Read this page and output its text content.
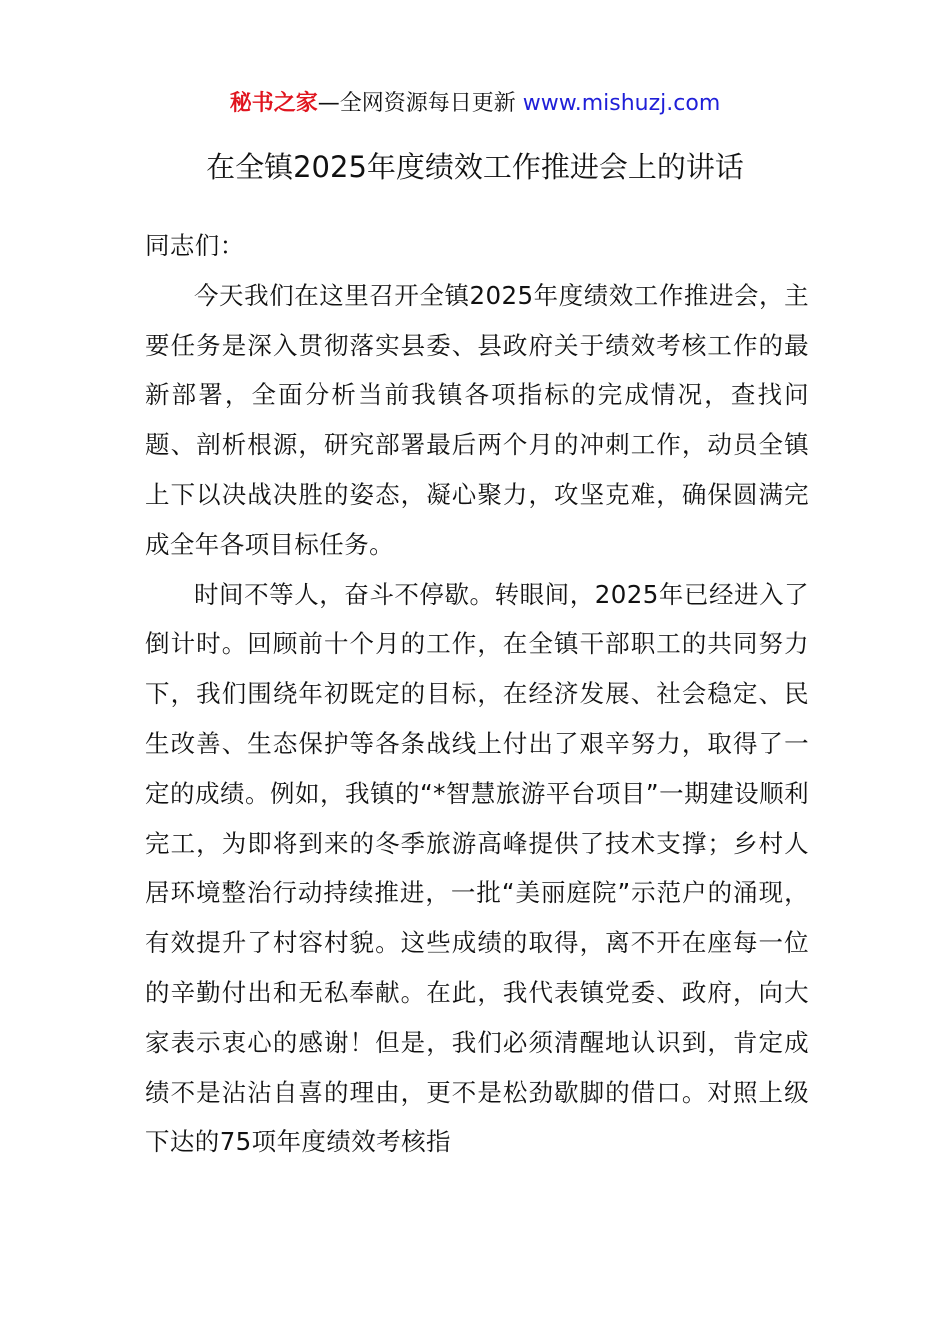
秘书之家—全网资源每日更新 www.mishuzj.com
在全镇2025年度绩效工作推进会上的讲话

同志们：

今天我们在这里召开全镇2025年度绩效工作推进会，主要任务是深入贯彻落实县委、县政府关于绩效考核工作的最新部署，全面分析当前我镇各项指标的完成情况，查找问题、剖析根源，研究部署最后两个月的冲刺工作，动员全镇上下以决战决胜的姿态，凝心聚力，攻坚克难，确保圆满完成全年各项目标任务。

时间不等人，奋斗不停歇。转眼间，2025年已经进入了倒计时。回顾前十个月的工作，在全镇干部职工的共同努力下，我们围绕年初既定的目标，在经济发展、社会稳定、民生改善、生态保护等各条战线上付出了艰辛努力，取得了一定的成绩。例如，我镇的“*智慧旅游平台项目”一期建设顺利完工，为即将到来的冬季旅游高峰提供了技术支撑；乡村人居环境整治行动持续推进，一批“美丽庭院”示范户的涌现，有效提升了村容村貌。这些成绩的取得，离不开在座每一位的辛勤付出和无私奉献。在此，我代表镇党委、政府，向大家表示衷心的感谢！但是，我们必须清醒地认识到，肯定成绩不是沾沾自喜的理由，更不是松劲歇脚的借口。对照上级下达的75项年度绩效考核指
